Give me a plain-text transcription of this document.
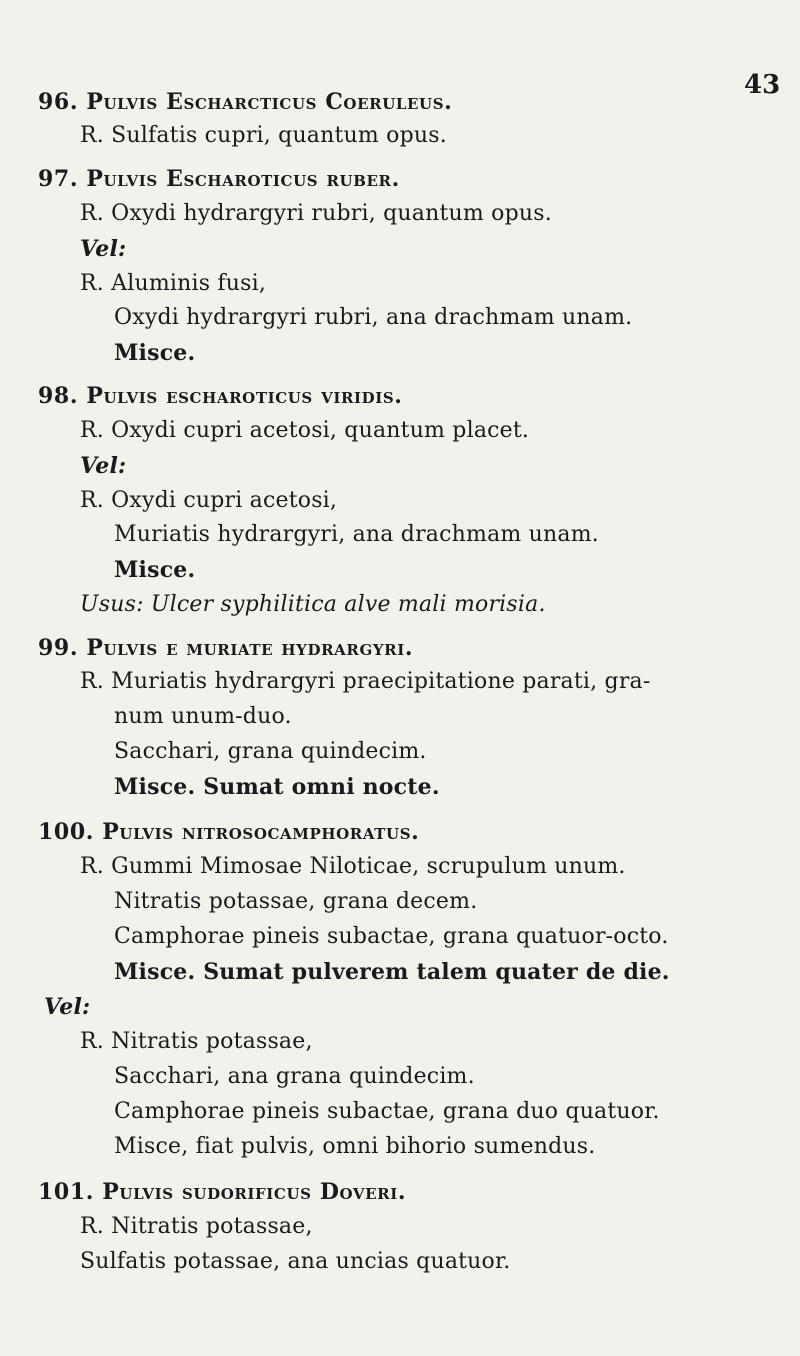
43
96. Pulvis Escharcticus Coeruleus.
R. Sulfatis cupri, quantum opus.
97. Pulvis Escharoticus ruber.
R. Oxydi hydrargyri rubri, quantum opus.
Vel:
R. Aluminis fusi,
Oxydi hydrargyri rubri, ana drachmam unam.
Misce.
98. Pulvis escharoticus viridis.
R. Oxydi cupri acetosi, quantum placet.
Vel:
R. Oxydi cupri acetosi,
Muriatis hydrargyri, ana drachmam unam.
Misce.
Usus: Ulcer syphilitica alve mali morisia.
99. Pulvis e muriate hydrargyri.
R. Muriatis hydrargyri praecipitatione parati, gra-
num unum-duo.
Sacchari, grana quindecim.
Misce. Sumat omni nocte.
100. Pulvis nitrosocamphoratus.
R. Gummi Mimosae Niloticae, scrupulum unum.
Nitratis potassae, grana decem.
Camphorae pineis subactae, grana quatuor-octo.
Misce. Sumat pulverem talem quater de die.
Vel:
R. Nitratis potassae,
Sacchari, ana grana quindecim.
Camphorae pineis subactae, grana duo quatuor.
Misce, fiat pulvis, omni bihorio sumendus.
101. Pulvis sudorificus Doveri.
R. Nitratis potassae,
Sulfatis potassae, ana uncias quatuor.
